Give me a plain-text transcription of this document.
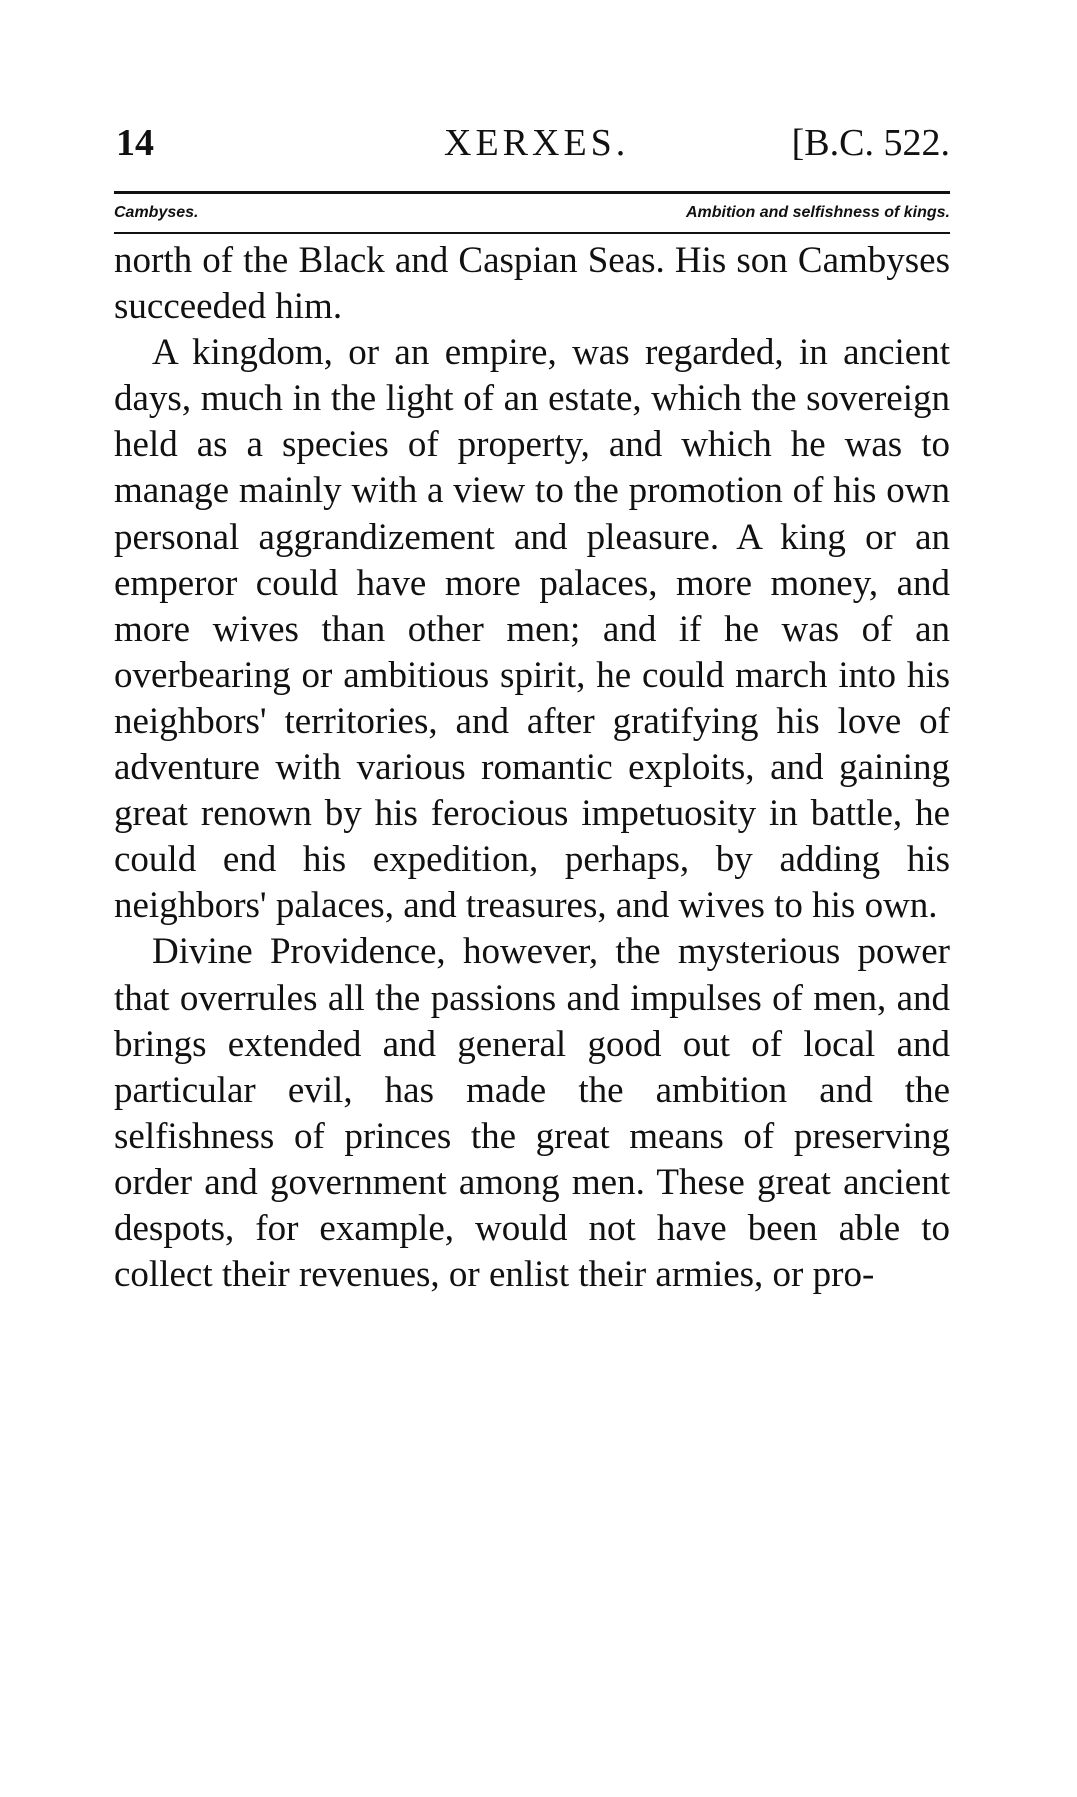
14	XERXES.	[B.C. 522.
Cambyses.	Ambition and selfishness of kings.

north of the Black and Caspian Seas. His son Cambyses succeeded him.

A kingdom, or an empire, was regarded, in ancient days, much in the light of an estate, which the sovereign held as a species of property, and which he was to manage mainly with a view to the promotion of his own personal aggrandizement and pleasure. A king or an emperor could have more palaces, more money, and more wives than other men; and if he was of an overbearing or ambitious spirit, he could march into his neighbors' territories, and after gratifying his love of adventure with various romantic exploits, and gaining great renown by his ferocious impetuosity in battle, he could end his expedition, perhaps, by adding his neighbors' palaces, and treasures, and wives to his own.

Divine Providence, however, the mysterious power that overrules all the passions and impulses of men, and brings extended and general good out of local and particular evil, has made the ambition and the selfishness of princes the great means of preserving order and government among men. These great ancient despots, for example, would not have been able to collect their revenues, or enlist their armies, or pro-
